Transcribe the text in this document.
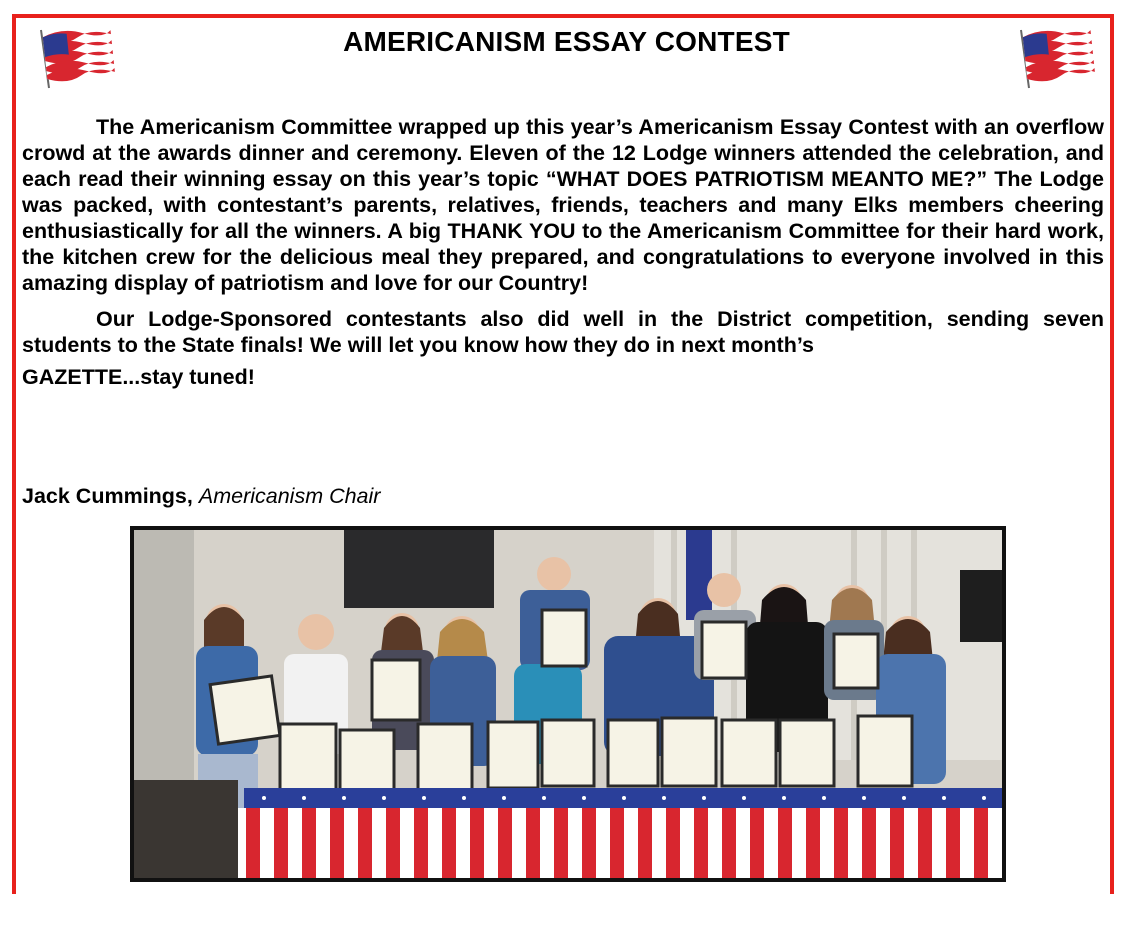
AMERICANISM ESSAY CONTEST

The Americanism Committee wrapped up this year’s Americanism Essay Contest with an overflow crowd at the awards dinner and ceremony. Eleven of the 12 Lodge winners attended the celebration, and each read their winning essay on this year’s topic “WHAT DOES PATRIOTISM MEANTO ME?” The Lodge was packed, with contestant’s parents, relatives, friends, teachers and many Elks members cheering enthusiastically for all the winners. A big THANK YOU to the Americanism Committee for their hard work, the kitchen crew for the delicious meal they prepared, and congratulations to everyone involved in this amazing display of patriotism and love for our Country!

Our Lodge-Sponsored contestants also did well in the District competition, sending seven students to the State finals! We will let you know how they do in next month’s

GAZETTE...stay tuned!

Jack Cummings, Americanism Chair
